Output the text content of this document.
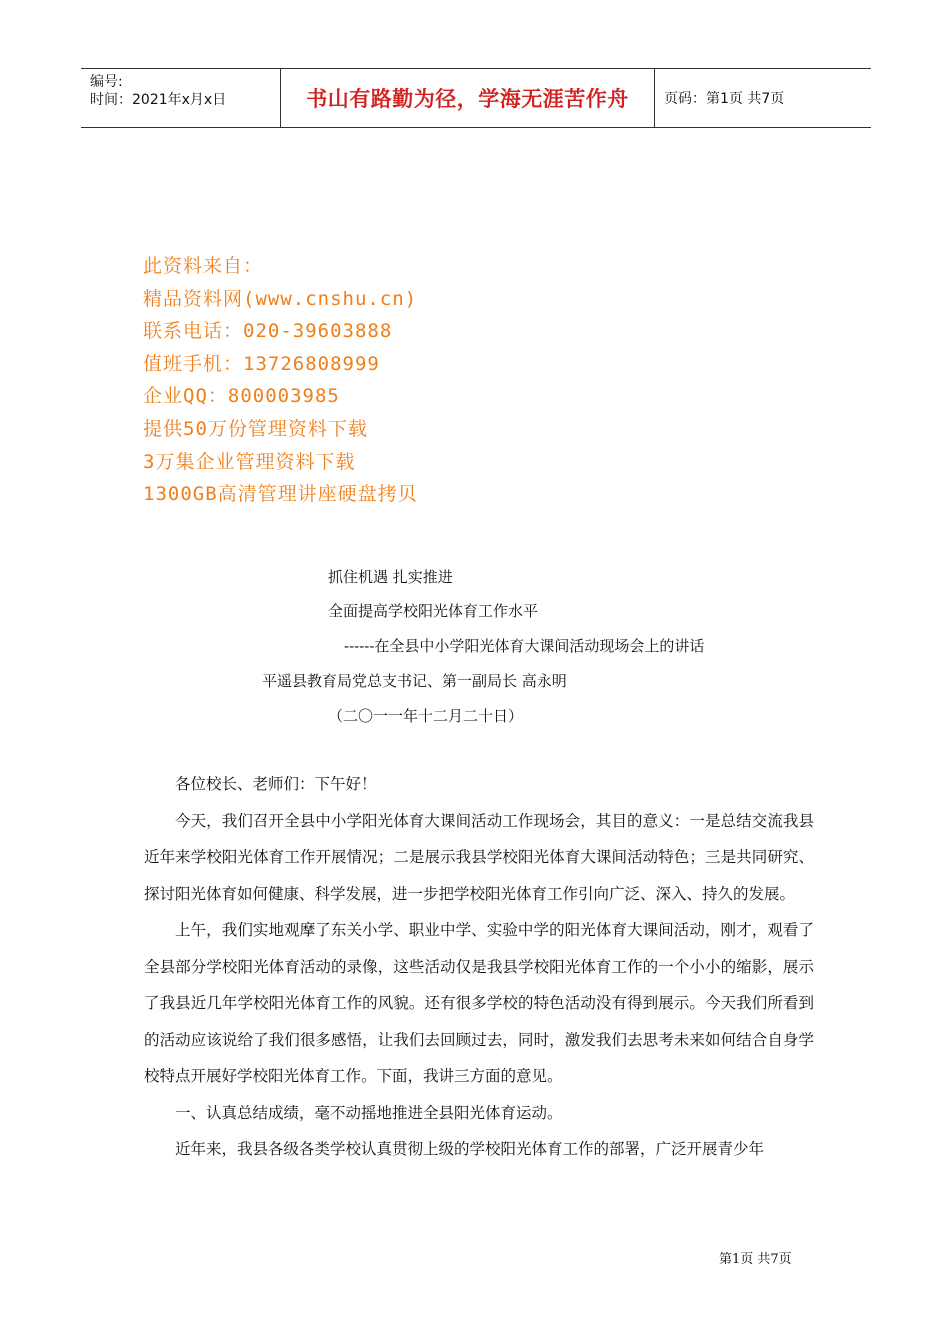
编号:
时间：2021年x月x日	书山有路勤为径，学海无涯苦作舟	页码：第1页 共7页
此资料来自：
精品资料网(www.cnshu.cn)
联系电话：020-39603888
值班手机：13726808999
企业QQ：800003985
提供50万份管理资料下载
3万集企业管理资料下载
1300GB高清管理讲座硬盘拷贝
抓住机遇 扎实推进
全面提高学校阳光体育工作水平
------在全县中小学阳光体育大课间活动现场会上的讲话
平遥县教育局党总支书记、第一副局长 高永明
（二〇一一年十二月二十日）

各位校长、老师们：下午好！

今天，我们召开全县中小学阳光体育大课间活动工作现场会，其目的意义：一是总结交流我县近年来学校阳光体育工作开展情况；二是展示我县学校阳光体育大课间活动特色；三是共同研究、探讨阳光体育如何健康、科学发展，进一步把学校阳光体育工作引向广泛、深入、持久的发展。

上午，我们实地观摩了东关小学、职业中学、实验中学的阳光体育大课间活动，刚才，观看了全县部分学校阳光体育活动的录像，这些活动仅是我县学校阳光体育工作的一个小小的缩影，展示了我县近几年学校阳光体育工作的风貌。还有很多学校的特色活动没有得到展示。今天我们所看到的活动应该说给了我们很多感悟，让我们去回顾过去，同时，激发我们去思考未来如何结合自身学校特点开展好学校阳光体育工作。下面，我讲三方面的意见。

一、认真总结成绩，毫不动摇地推进全县阳光体育运动。

近年来，我县各级各类学校认真贯彻上级的学校阳光体育工作的部署，广泛开展青少年

第1页 共7页
